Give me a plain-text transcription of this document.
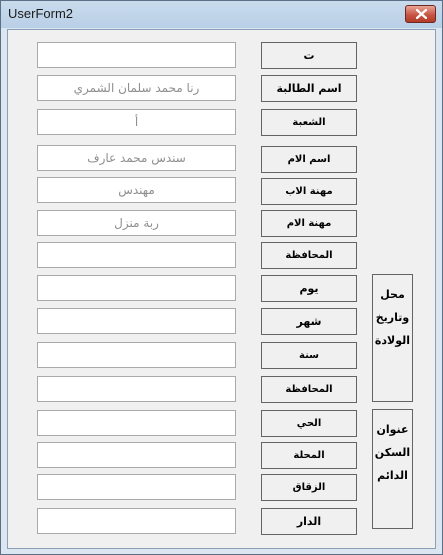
UserForm2
ت
رنا محمد سلمان الشمري	اسم الطالبة
أ	الشعبة
سندس محمد عارف	اسم الام
مهندس	مهنة الاب
ربة منزل	مهنة الام
المحافظة
يوم
شهر
سنة
المحافظة
الحي
المحلة
الزقاق
الدار
محل
وتاريخ
الولادة
عنوان
السكن
الدائم
